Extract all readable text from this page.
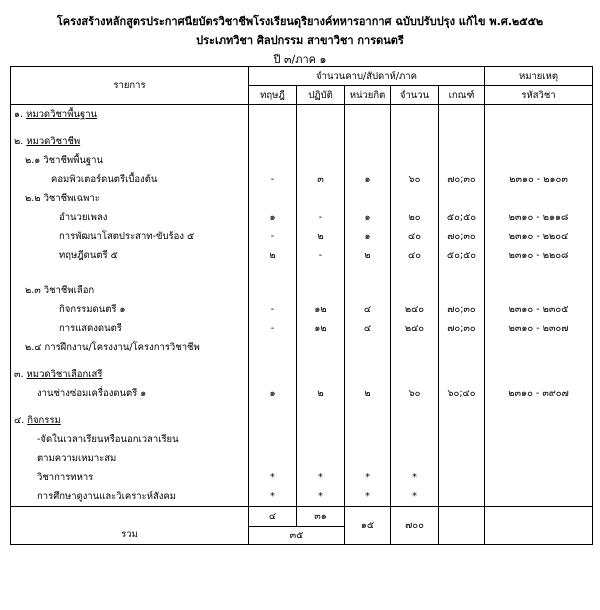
โครงสร้างหลักสูตรประกาศนียบัตรวิชาชีพโรงเรียนดุริยางค์ทหารอากาศ ฉบับปรับปรุง แก้ไข พ.ศ.๒๕๕๒
ประเภทวิชา ศิลปกรรม สาขาวิชา การดนตรี
ปี ๓/ภาค ๑
รายการ	จำนวนคาบ/สัปดาห์/ภาค					หมายเหตุ
	ทฤษฎี	ปฏิบัติ	หน่วยกิต	จำนวน	เกณฑ์	รหัสวิชา
๑. หมวดวิชาพื้นฐาน						

๒. หมวดวิชาชีพ						
๒.๑ วิชาชีพพื้นฐาน						
คอมพิวเตอร์ดนตรีเบื้องต้น	-	๓	๑	๖๐	๗๐;๓๐	๒๓๑๐ - ๒๑๐๓
๒.๒ วิชาชีพเฉพาะ						
อำนวยเพลง	๑	-	๑	๒๐	๕๐;๕๐	๒๓๑๐ - ๒๑๑๘
การพัฒนาโสตประสาท-ขับร้อง ๕	-	๒	๑	๔๐	๗๐;๓๐	๒๓๑๐ - ๒๒๐๔
ทฤษฎีดนตรี ๕	๒	-	๒	๔๐	๕๐;๕๐	๒๓๑๐ - ๒๒๐๘

๒.๓ วิชาชีพเลือก						
กิจกรรมดนตรี ๑	-	๑๒	๔	๒๔๐	๗๐;๓๐	๒๓๑๐ - ๒๓๐๕
การแสดงดนตรี	-	๑๒	๔	๒๔๐	๗๐;๓๐	๒๓๑๐ - ๒๓๐๗
๒.๔ การฝึกงาน/โครงงาน/โครงการวิชาชีพ						

๓. หมวดวิชาเลือกเสรี						
งานช่างซ่อมเครื่องดนตรี ๑	๑	๒	๒	๖๐	๖๐;๔๐	๒๓๑๐ - ๓๙๐๗

๔. กิจกรรม						
-จัดในเวลาเรียนหรือนอกเวลาเรียน						
ตามความเหมาะสม						
วิชาการทหาร	*	*	*	*		
การศึกษาดูงานและวิเคราะห์สังคม	*	*	*	*		
รวม	๔	๓๑	๑๕	๗๐๐		
	๓๕					
